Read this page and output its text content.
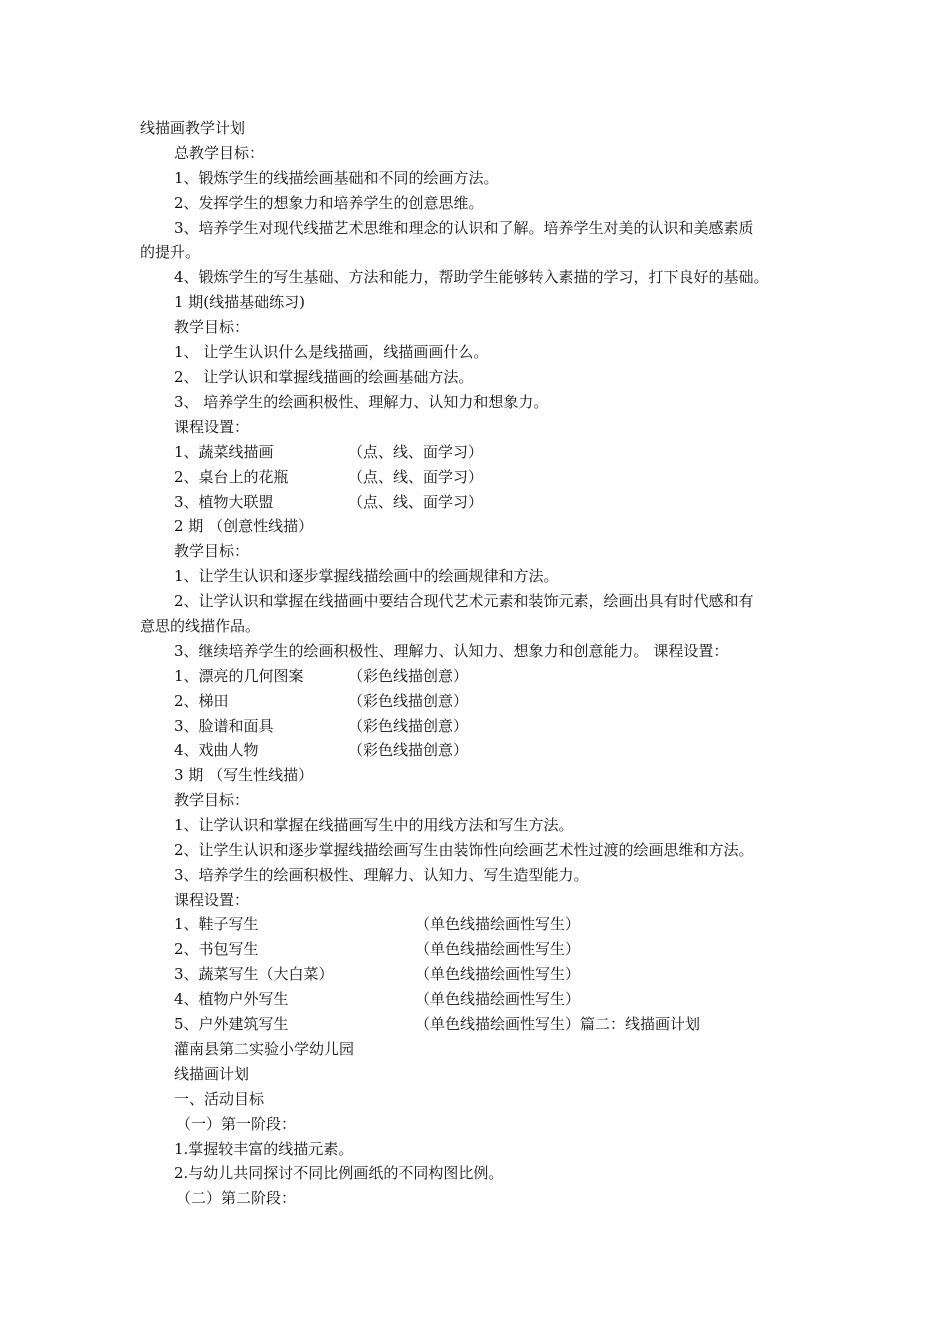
线描画教学计划
总教学目标：
1、锻炼学生的线描绘画基础和不同的绘画方法。
2、发挥学生的想象力和培养学生的创意思维。
3、培养学生对现代线描艺术思维和理念的认识和了解。培养学生对美的认识和美感素质
的提升。
4、锻炼学生的写生基础、方法和能力，帮助学生能够转入素描的学习，打下良好的基础。
1 期(线描基础练习)
教学目标：
1、 让学生认识什么是线描画，线描画画什么。
2、 让学认识和掌握线描画的绘画基础方法。
3、 培养学生的绘画积极性、理解力、认知力和想象力。
课程设置：
1、蔬菜线描画	（点、线、面学习）
2、桌台上的花瓶	（点、线、面学习）
3、植物大联盟	（点、线、面学习）
2 期 （创意性线描）
教学目标：
1、让学生认识和逐步掌握线描绘画中的绘画规律和方法。
2、让学认识和掌握在线描画中要结合现代艺术元素和装饰元素，绘画出具有时代感和有
意思的线描作品。
3、继续培养学生的绘画积极性、理解力、认知力、想象力和创意能力。 课程设置：
1、漂亮的几何图案	（彩色线描创意）
2、梯田	（彩色线描创意）
3、脸谱和面具	（彩色线描创意）
4、戏曲人物	（彩色线描创意）
3 期 （写生性线描）
教学目标：
1、让学认识和掌握在线描画写生中的用线方法和写生方法。
2、让学生认识和逐步掌握线描绘画写生由装饰性向绘画艺术性过渡的绘画思维和方法。
3、培养学生的绘画积极性、理解力、认知力、写生造型能力。
课程设置：
1、鞋子写生	（单色线描绘画性写生）
2、书包写生	（单色线描绘画性写生）
3、蔬菜写生（大白菜）	（单色线描绘画性写生）
4、植物户外写生	（单色线描绘画性写生）
5、户外建筑写生	（单色线描绘画性写生）篇二：线描画计划
灌南县第二实验小学幼儿园
线描画计划
一、活动目标
（一）第一阶段：
1.掌握较丰富的线描元素。
2.与幼儿共同探讨不同比例画纸的不同构图比例。
（二）第二阶段：
